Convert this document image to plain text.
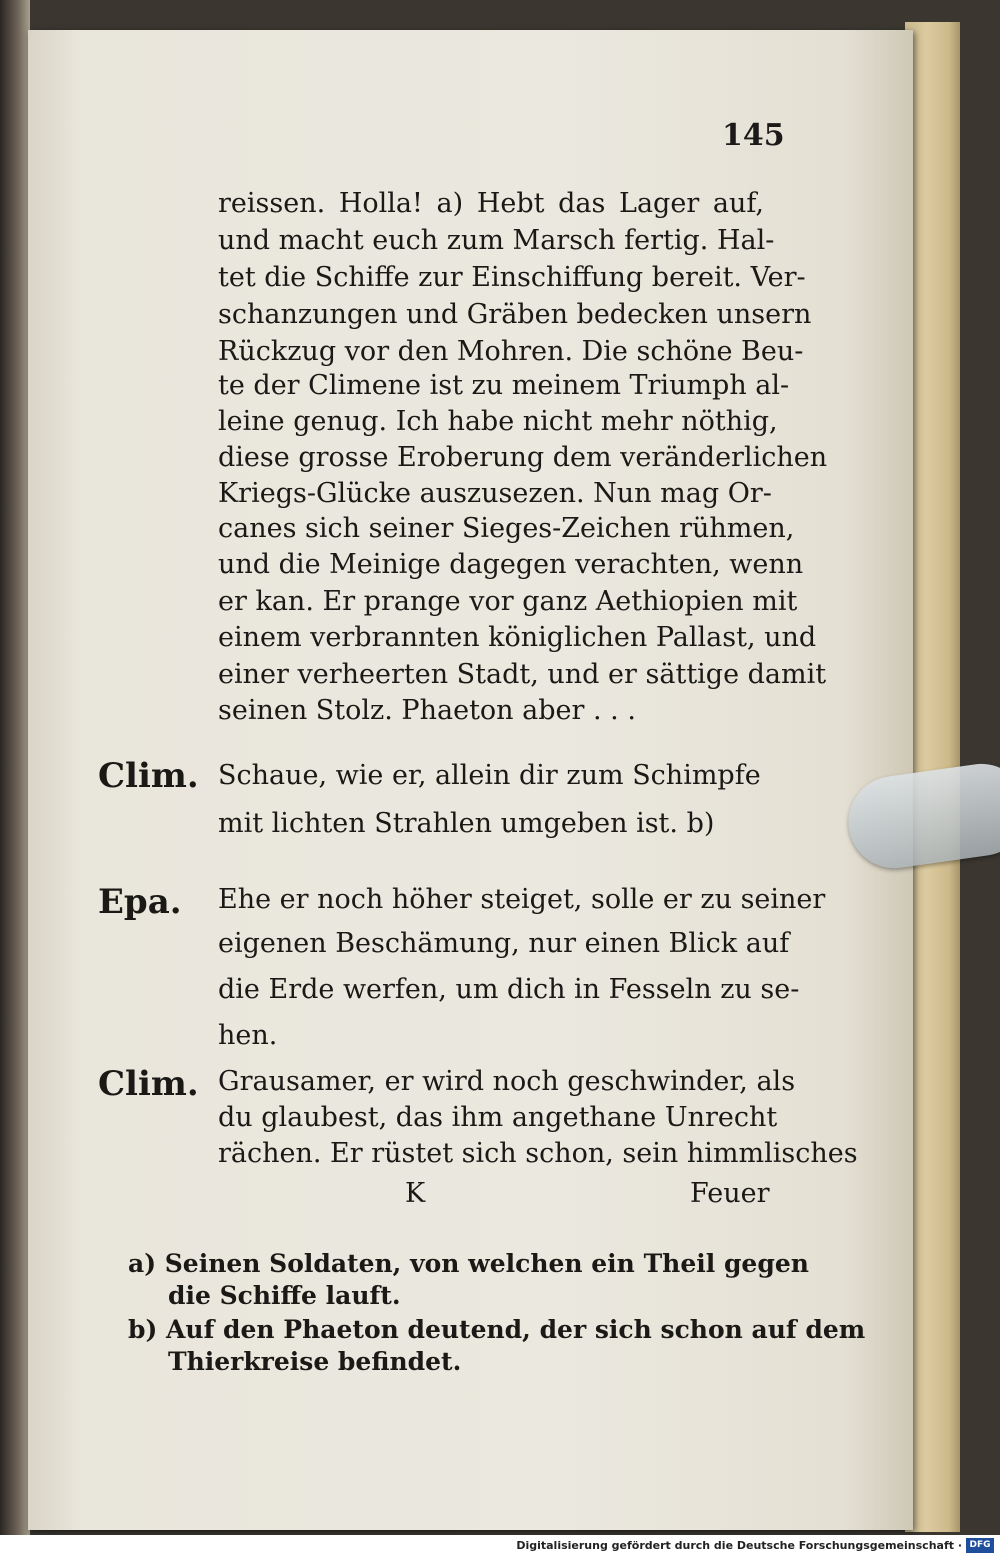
145
reissen. Holla! a) Hebt das Lager auf,
und macht euch zum Marsch fertig. Hal-
tet die Schiffe zur Einschiffung bereit. Ver-
schanzungen und Gräben bedecken unsern
Rückzug vor den Mohren. Die schöne Beu-
te der Climene ist zu meinem Triumph al-
leine genug. Ich habe nicht mehr nöthig,
diese grosse Eroberung dem veränderlichen
Kriegs-Glücke auszusezen. Nun mag Or-
canes sich seiner Sieges-Zeichen rühmen,
und die Meinige dagegen verachten, wenn
er kan. Er prange vor ganz Aethiopien mit
einem verbrannten königlichen Pallast, und
einer verheerten Stadt, und er sättige damit
seinen Stolz. Phaeton aber . . .
Clim. Schaue, wie er, allein dir zum Schimpfe
mit lichten Strahlen umgeben ist. b)
Epa. Ehe er noch höher steiget, solle er zu seiner
eigenen Beschämung, nur einen Blick auf
die Erde werfen, um dich in Fesseln zu se-
hen.
Clim. Grausamer, er wird noch geschwinder, als
du glaubest, das ihm angethane Unrecht
rächen. Er rüstet sich schon, sein himmlisches
K	Feuer
a) Seinen Soldaten, von welchen ein Theil gegen
die Schiffe lauft.
b) Auf den Phaeton deutend, der sich schon auf dem
Thierkreise befindet.
Digitalisierung gefördert durch die Deutsche Forschungsgemeinschaft · DFG
